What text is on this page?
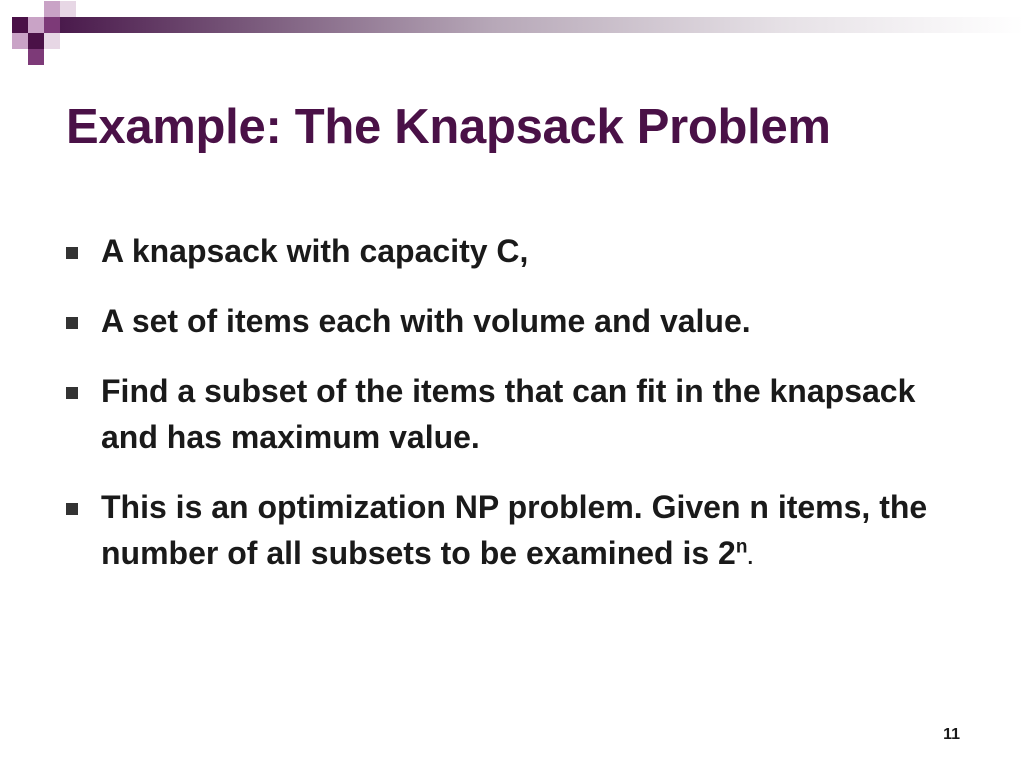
Example: The Knapsack Problem
A knapsack with capacity C,
A set of items each with volume and value.
Find a subset of the items that can fit in the knapsack and has maximum value.
This is an optimization NP problem. Given n items, the number of all subsets to be examined is 2$^n$.
11
